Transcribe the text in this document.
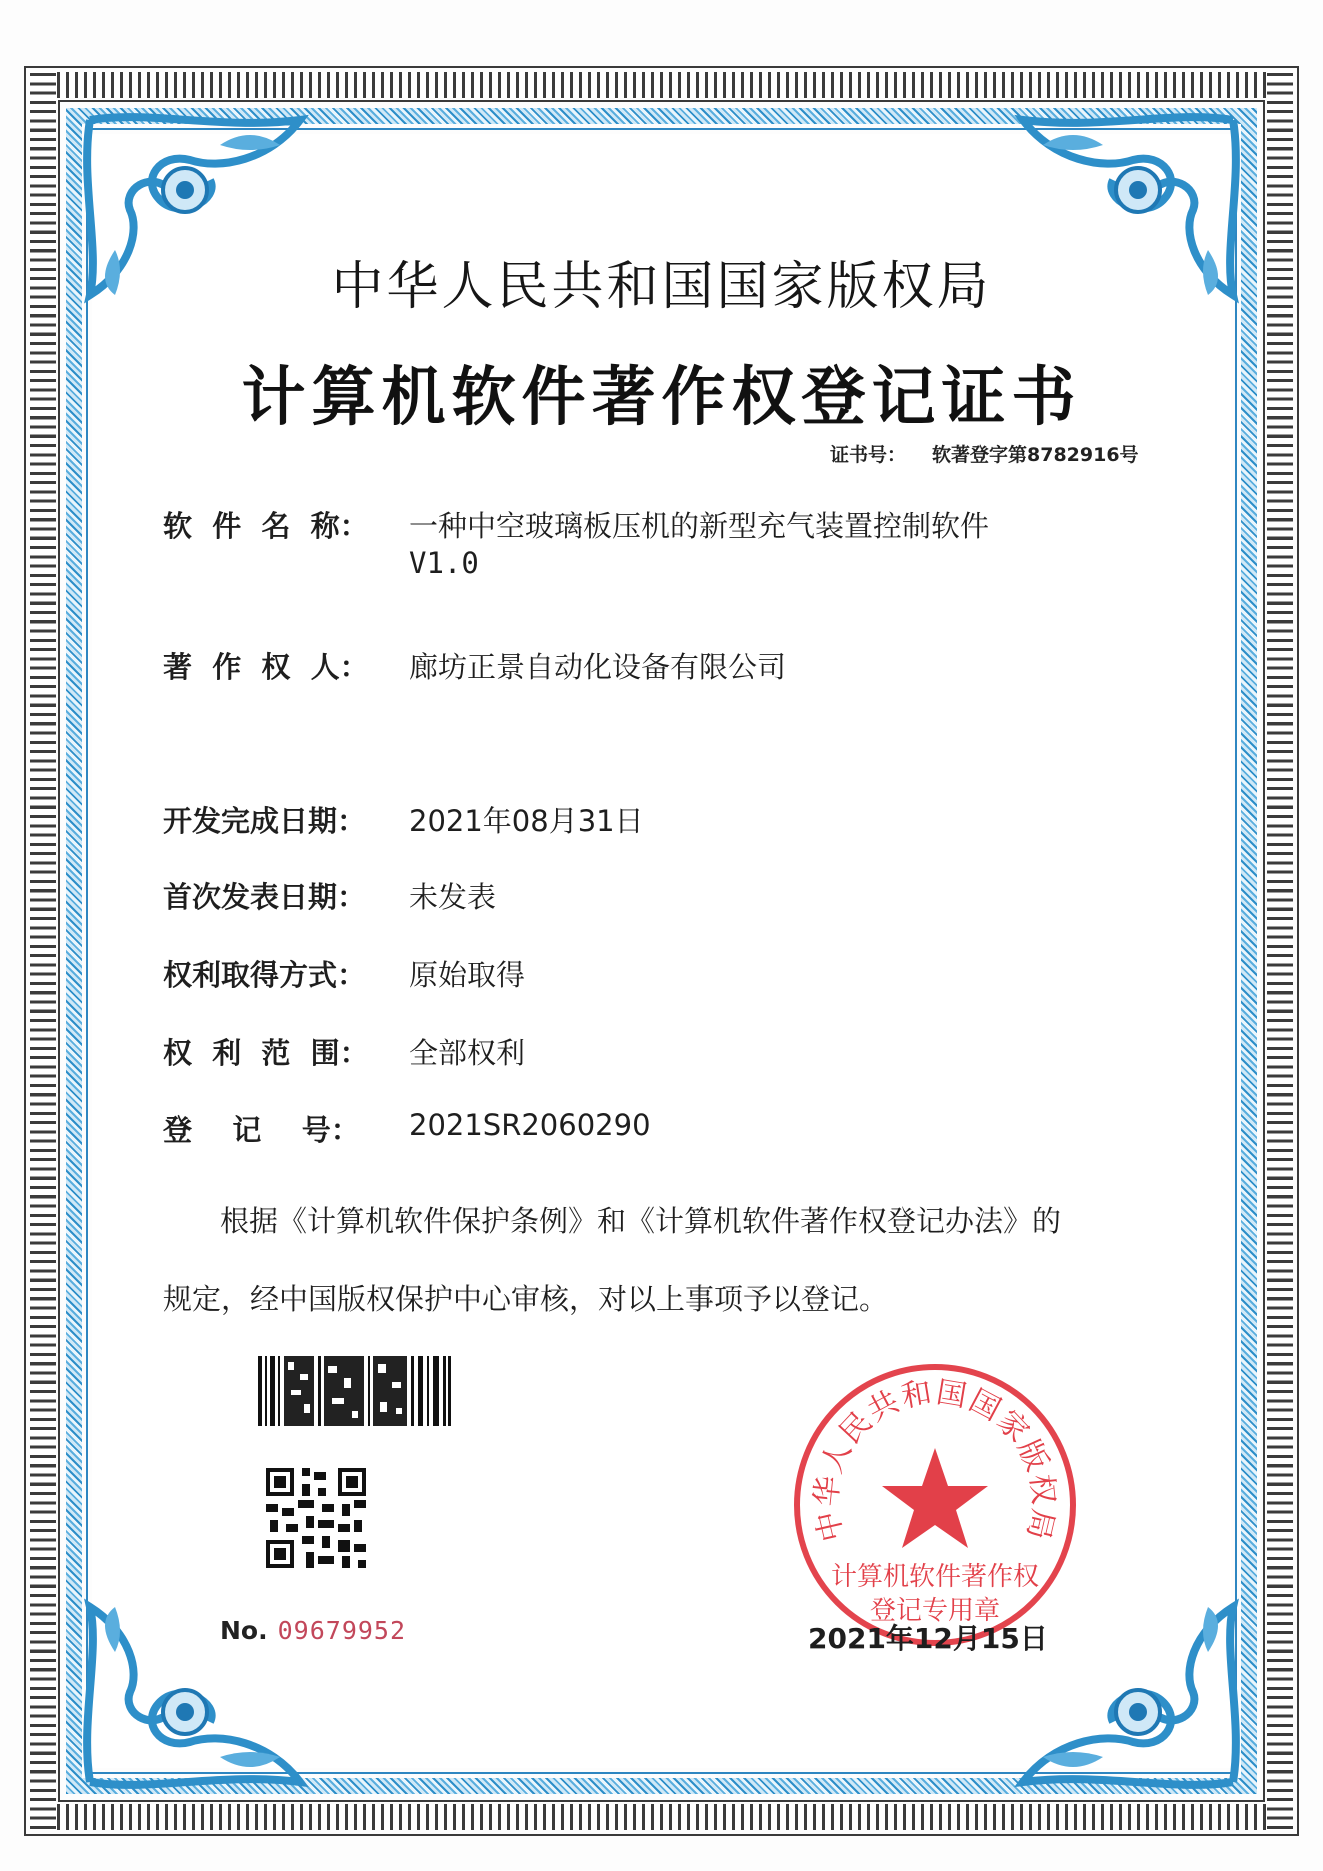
中华人民共和国国家版权局
计算机软件著作权登记证书
证书号： 软著登字第8782916号
软  件  名  称： 一种中空玻璃板压机的新型充气装置控制软件
V1.0
著  作  权  人： 廊坊正景自动化设备有限公司
开发完成日期：	2021年08月31日
首次发表日期：	未发表
权利取得方式：	原始取得
权  利  范  围： 全部权利
登    记    号：	2021SR2060290
根据《计算机软件保护条例》和《计算机软件著作权登记办法》的
规定，经中国版权保护中心审核，对以上事项予以登记。
No. 09679952
中华人民共和国国家版权局
计算机软件著作权
登记专用章
2021年12月15日
